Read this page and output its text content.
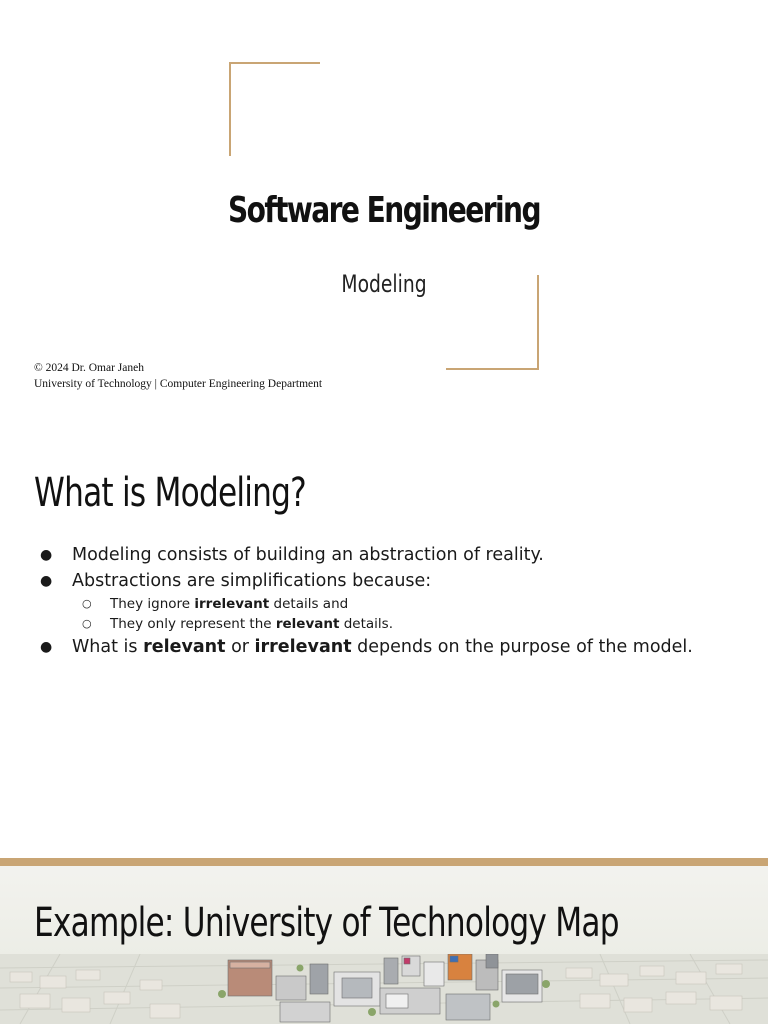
Software Engineering
Modeling
© 2024 Dr. Omar Janeh
University of Technology | Computer Engineering Department
What is Modeling?
● Modeling consists of building an abstraction of reality.
● Abstractions are simplifications because:
○ They ignore irrelevant details and
○ They only represent the relevant details.
● What is relevant or irrelevant depends on the purpose of the model.
Example: University of Technology Map
